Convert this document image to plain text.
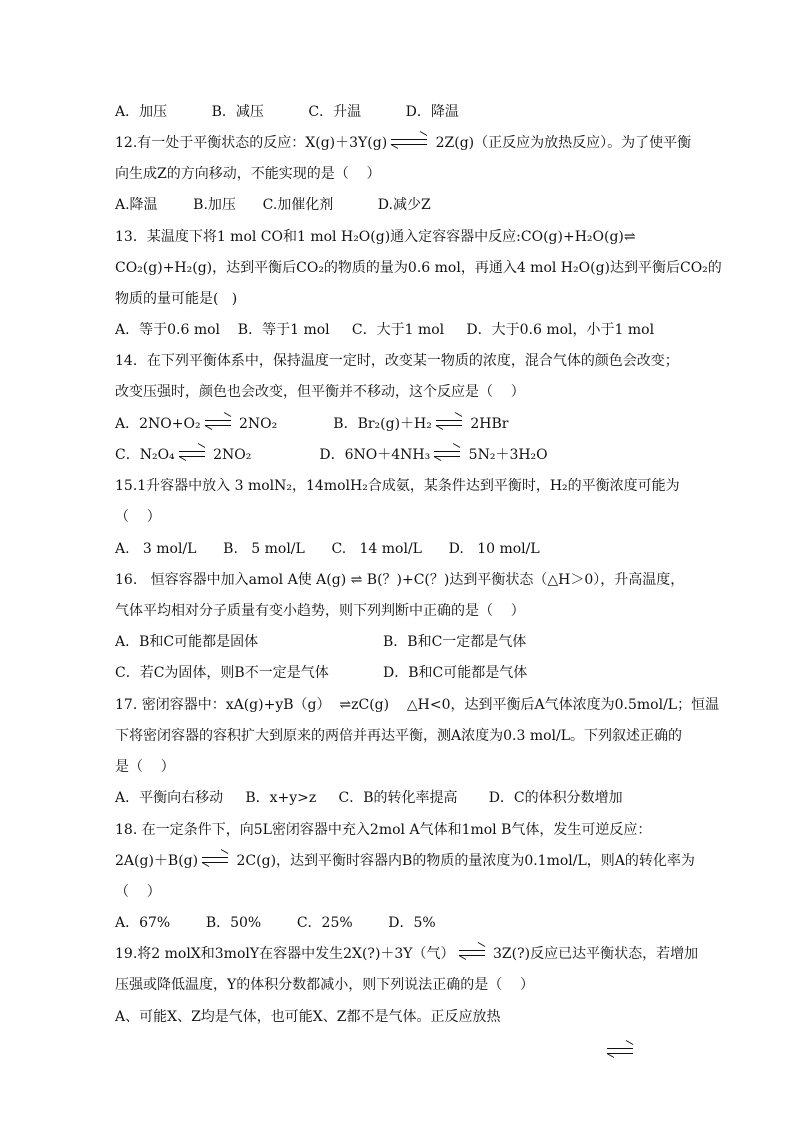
A．加压          B．减压          C．升温          D．降温
12.有一处于平衡状态的反应：X(g)＋3Y(g)	2Z(g)（正反应为放热反应）。为了使平衡
向生成Z的方向移动，不能实现的是（    ）
A.降温        B.加压      C.加催化剂          D.减少Z
13．某温度下将1 mol CO和1 mol H₂O(g)通入定容容器中反应:CO(g)+H₂O(g)⇌
CO₂(g)+H₂(g)，达到平衡后CO₂的物质的量为0.6 mol，再通入4 mol H₂O(g)达到平衡后CO₂的
物质的量可能是(   )
A．等于0.6 mol    B．等于1 mol     C．大于1 mol     D．大于0.6 mol，小于1 mol
14．在下列平衡体系中，保持温度一定时，改变某一物质的浓度，混合气体的颜色会改变；
改变压强时，颜色也会改变，但平衡并不移动，这个反应是（    ）
A．2NO+O₂
2NO₂	B．Br₂(g)＋H₂
2HBr
C．N₂O₄
2NO₂	D．6NO＋4NH₃
5N₂＋3H₂O
15.1升容器中放入 3 molN₂，14molH₂合成氨，某条件达到平衡时，H₂的平衡浓度可能为
（    ）
A.   3 mol/L      B.   5 mol/L      C.   14 mol/L      D.   10 mol/L
16.   恒容容器中加入amol A使 A(g) ⇌ B(？)+C(？)达到平衡状态（△H＞0），升高温度，
气体平均相对分子质量有变小趋势，则下列判断中正确的是（    ）
A．B和C可能都是固体	B．B和C一定都是气体
C．若C为固体，则B不一定是气体	D．B和C可能都是气体
17. 密闭容器中：xA(g)+yB（g）  ⇌zC(g)    △H<0，达到平衡后A气体浓度为0.5mol/L；恒温
下将密闭容器的容积扩大到原来的两倍并再达平衡，测A浓度为0.3 mol/L。下列叙述正确的
是（    ）
A．平衡向右移动     B．x+y>z     C．B的转化率提高       D．C的体积分数增加
18. 在一定条件下，向5L密闭容器中充入2mol A气体和1mol B气体，发生可逆反应：
2A(g)＋B(g)
2C(g)，达到平衡时容器内B的物质的量浓度为0.1mol/L，则A的转化率为
（    ）
A．67%        B．50%        C．25%        D．5%
19.将2 molX和3molY在容器中发生2X(?)＋3Y（气）
3Z(?)反应已达平衡状态，若增加
压强或降低温度，Y的体积分数都减小，则下列说法正确的是（    ）
A、可能X、Z均是气体，也可能X、Z都不是气体。正反应放热
